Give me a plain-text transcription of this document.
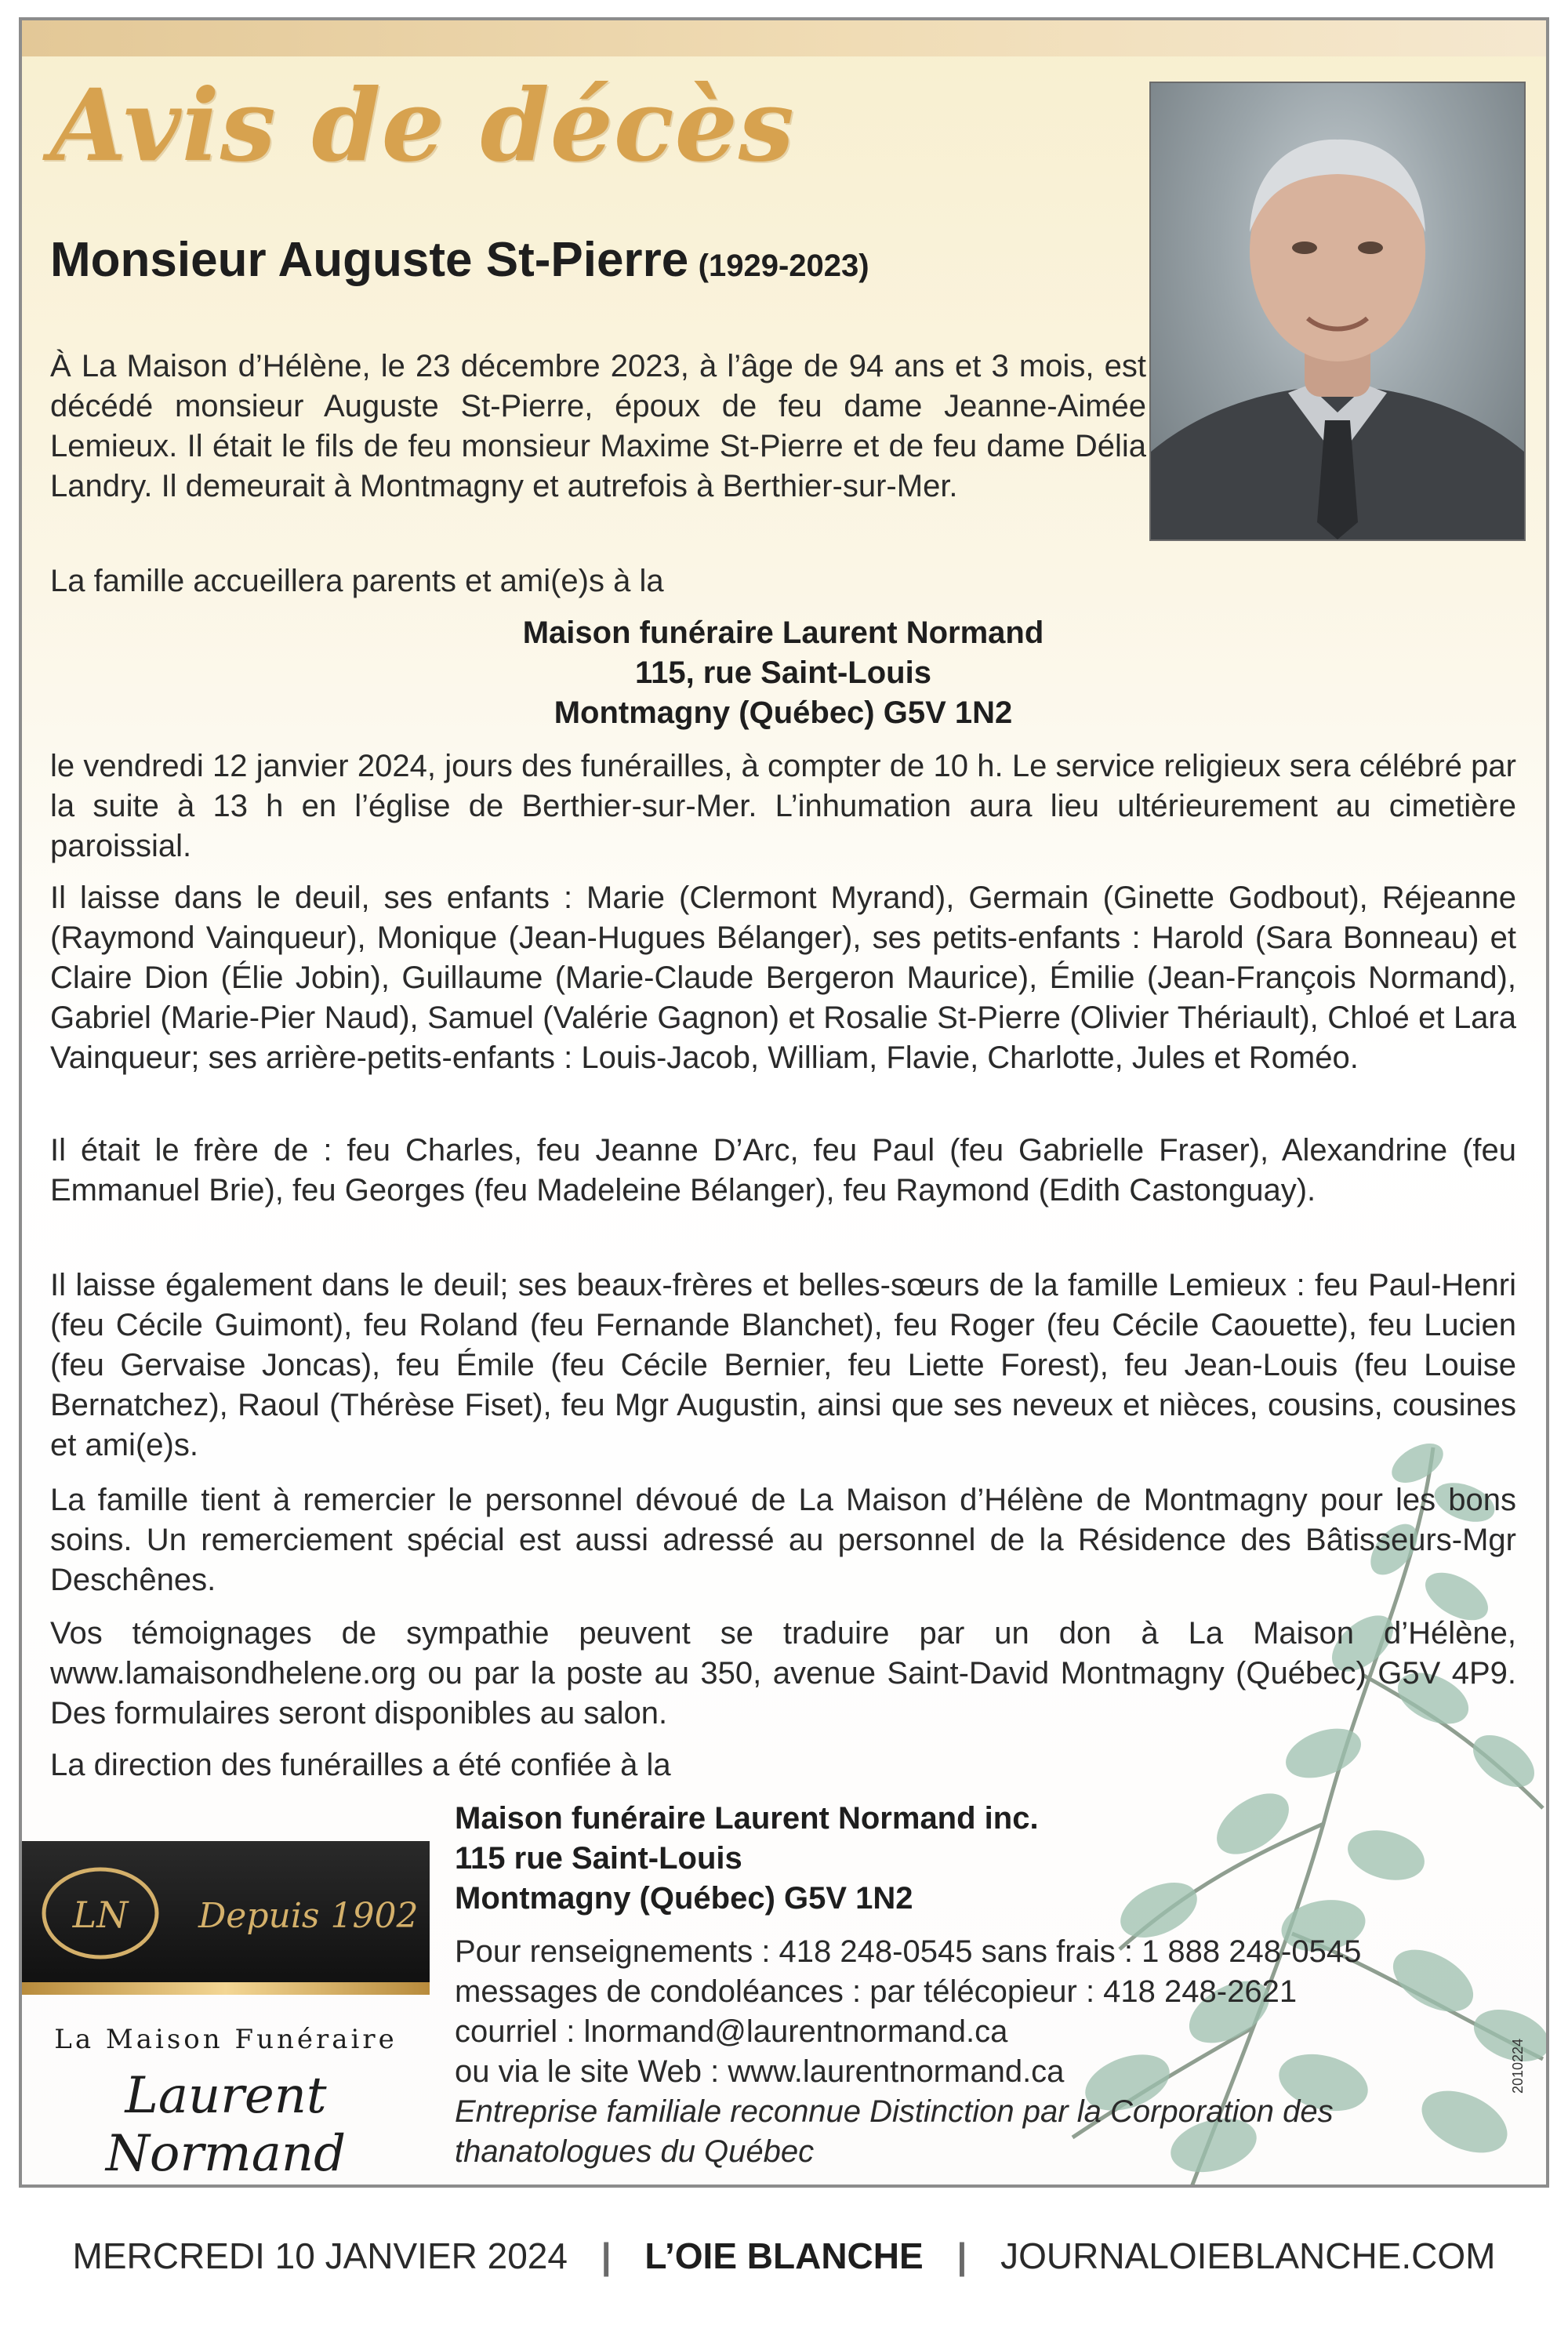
Avis de décès
Monsieur Auguste St-Pierre (1929-2023)

À La Maison d’Hélène, le 23 décembre 2023, à l’âge de 94 ans et 3 mois, est décédé monsieur Auguste St-Pierre, époux de feu dame Jeanne-Aimée Lemieux. Il était le fils de feu monsieur Maxime St-Pierre et de feu dame Délia Landry. Il demeurait à Montmagny et autrefois à Berthier-sur-Mer.

La famille accueillera parents et ami(e)s à la

Maison funéraire Laurent Normand

115, rue Saint-Louis

Montmagny (Québec) G5V 1N2

le vendredi 12 janvier 2024, jours des funérailles, à compter de 10 h. Le service religieux sera célébré par la suite à 13 h en l’église de Berthier-sur-Mer. L’inhumation aura lieu ultérieurement au cimetière paroissial.

Il laisse dans le deuil, ses enfants : Marie (Clermont Myrand), Germain (Ginette Godbout), Réjeanne (Raymond Vainqueur), Monique (Jean-Hugues Bélanger), ses petits-enfants : Harold (Sara Bonneau) et Claire Dion (Élie Jobin), Guillaume (Marie-Claude Bergeron Maurice), Émilie (Jean-François Normand), Gabriel (Marie-Pier Naud), Samuel (Valérie Gagnon) et Rosalie St-Pierre (Olivier Thériault), Chloé et Lara Vainqueur; ses arrière-petits-enfants : Louis-Jacob, William, Flavie, Charlotte, Jules et Roméo.

Il était le frère de : feu Charles, feu Jeanne D’Arc, feu Paul (feu Gabrielle Fraser), Alexandrine (feu Emmanuel Brie), feu Georges (feu Madeleine Bélanger), feu Raymond (Edith Castonguay).

Il laisse également dans le deuil; ses beaux-frères et belles-sœurs de la famille Lemieux : feu Paul-Henri (feu Cécile Guimont), feu Roland (feu Fernande Blanchet), feu Roger (feu Cécile Caouette), feu Lucien (feu Gervaise Joncas), feu Émile (feu Cécile Bernier, feu Liette Forest), feu Jean-Louis (feu Louise Bernatchez), Raoul (Thérèse Fiset), feu Mgr Augustin, ainsi que ses neveux et nièces, cousins, cousines et ami(e)s.

La famille tient à remercier le personnel dévoué de La Maison d’Hélène de Montmagny pour les bons soins. Un remerciement spécial est aussi adressé au personnel de la Résidence des Bâtisseurs-Mgr Deschênes.

Vos témoignages de sympathie peuvent se traduire par un don à La Maison d’Hélène, www.lamaisondhelene.org ou par la poste au 350, avenue Saint-David Montmagny (Québec) G5V 4P9. Des formulaires seront disponibles au salon.

La direction des funérailles a été confiée à la

Maison funéraire Laurent Normand inc.

115 rue Saint-Louis

Montmagny (Québec) G5V 1N2

Pour renseignements : 418 248-0545 sans frais : 1 888 248-0545

messages de condoléances : par télécopieur : 418 248-2621

courriel : lnormand@laurentnormand.ca

ou via le site Web : www.laurentnormand.ca

Entreprise familiale reconnue Distinction par la Corporation des thanatologues du Québec

LN Depuis 1902

La Maison Funéraire

Laurent Normand

2010224

MERCREDI 10 JANVIER 2024 | L’OIE BLANCHE | JOURNALOIEBLANCHE.COM
